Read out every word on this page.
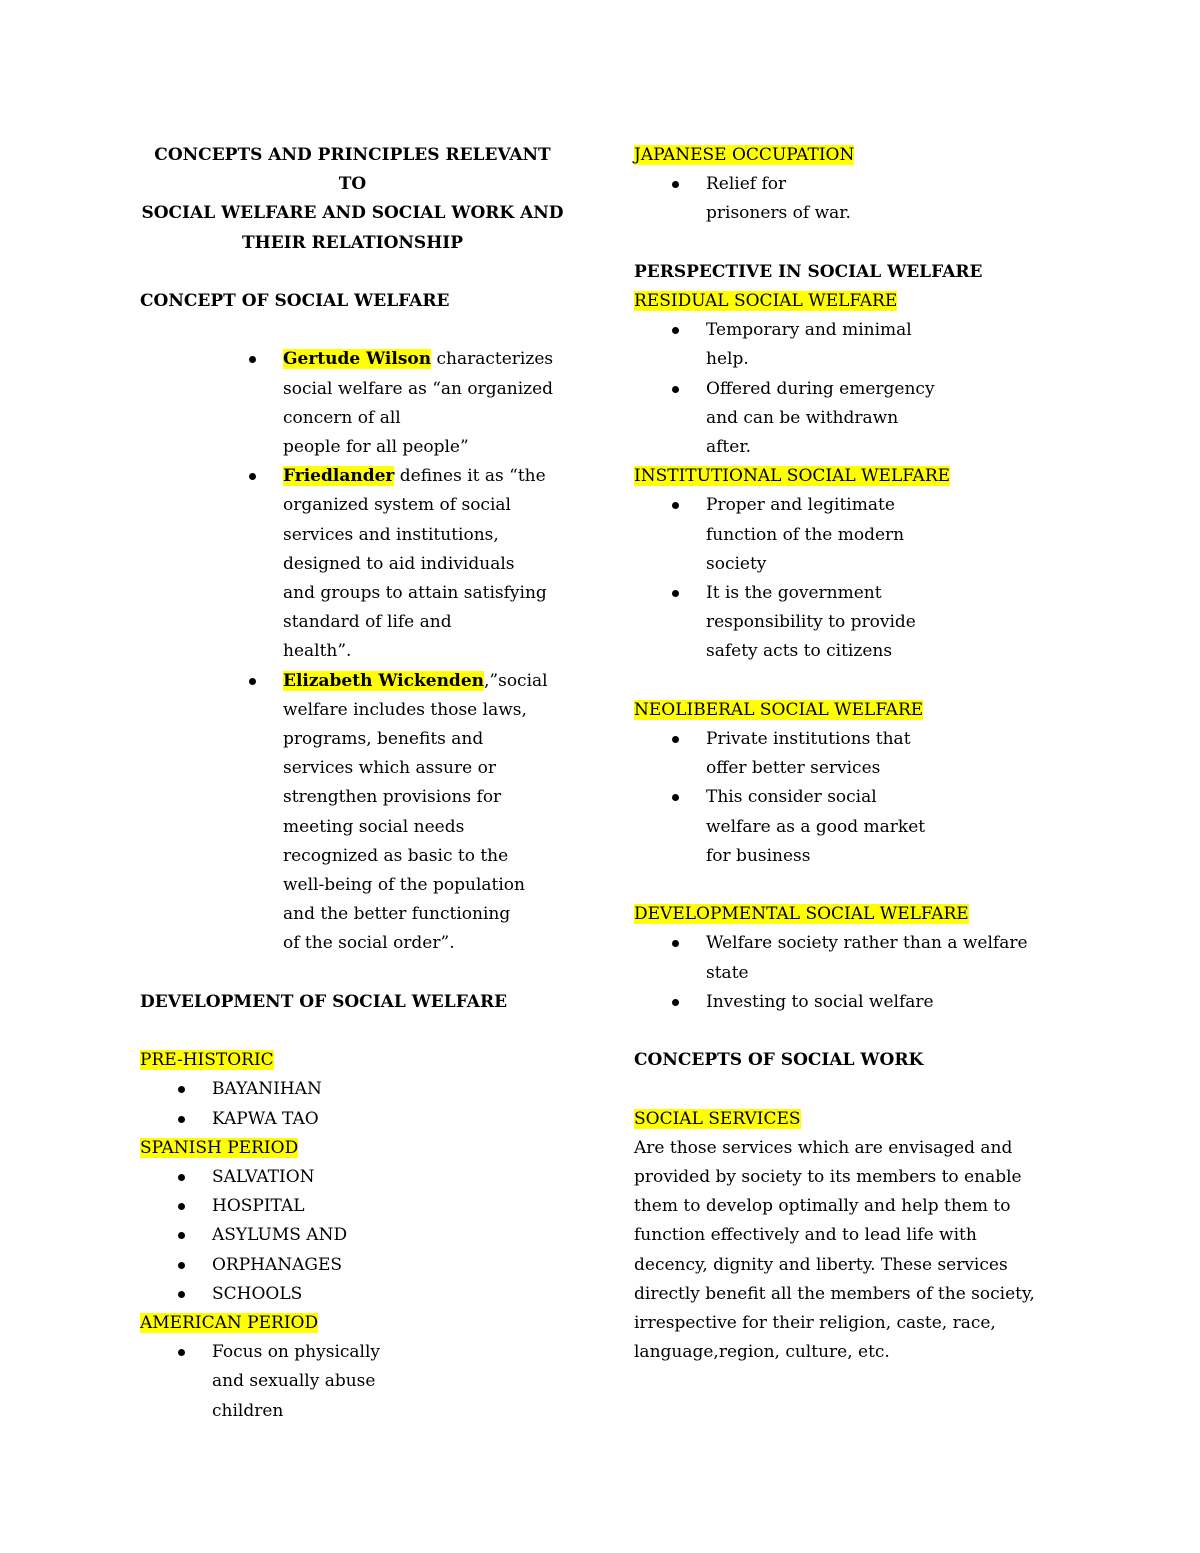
CONCEPTS AND PRINCIPLES RELEVANT TO
SOCIAL WELFARE AND SOCIAL WORK AND
THEIR RELATIONSHIP

CONCEPT OF SOCIAL WELFARE

Gertude Wilson characterizes
social welfare as “an organized
concern of all
people for all people”
Friedlander defines it as “the
organized system of social
services and institutions,
designed to aid individuals
and groups to attain satisfying
standard of life and
health”.
Elizabeth Wickenden,”social
welfare includes those laws,
programs, benefits and
services which assure or
strengthen provisions for
meeting social needs
recognized as basic to the
well-being of the population
and the better functioning
of the social order”.

DEVELOPMENT OF SOCIAL WELFARE

PRE-HISTORIC

BAYANIHAN
KAPWA TAO

SPANISH PERIOD

SALVATION
HOSPITAL
ASYLUMS AND
ORPHANAGES
SCHOOLS

AMERICAN PERIOD

Focus on physically
and sexually abuse
children

JAPANESE OCCUPATION

Relief for
prisoners of war.

PERSPECTIVE IN SOCIAL WELFARE

RESIDUAL SOCIAL WELFARE

Temporary and minimal
help.
Offered during emergency
and can be withdrawn
after.

INSTITUTIONAL SOCIAL WELFARE

Proper and legitimate
function of the modern
society
It is the government
responsibility to provide
safety acts to citizens

NEOLIBERAL SOCIAL WELFARE

Private institutions that
offer better services
This consider social
welfare as a good market
for business

DEVELOPMENTAL SOCIAL WELFARE

Welfare society rather than a welfare
state
Investing to social welfare

CONCEPTS OF SOCIAL WORK

SOCIAL SERVICES

Are those services which are envisaged and
provided by society to its members to enable
them to develop optimally and help them to
function effectively and to lead life with
decency, dignity and liberty. These services
directly benefit all the members of the society,
irrespective for their religion, caste, race,
language,region, culture, etc.
